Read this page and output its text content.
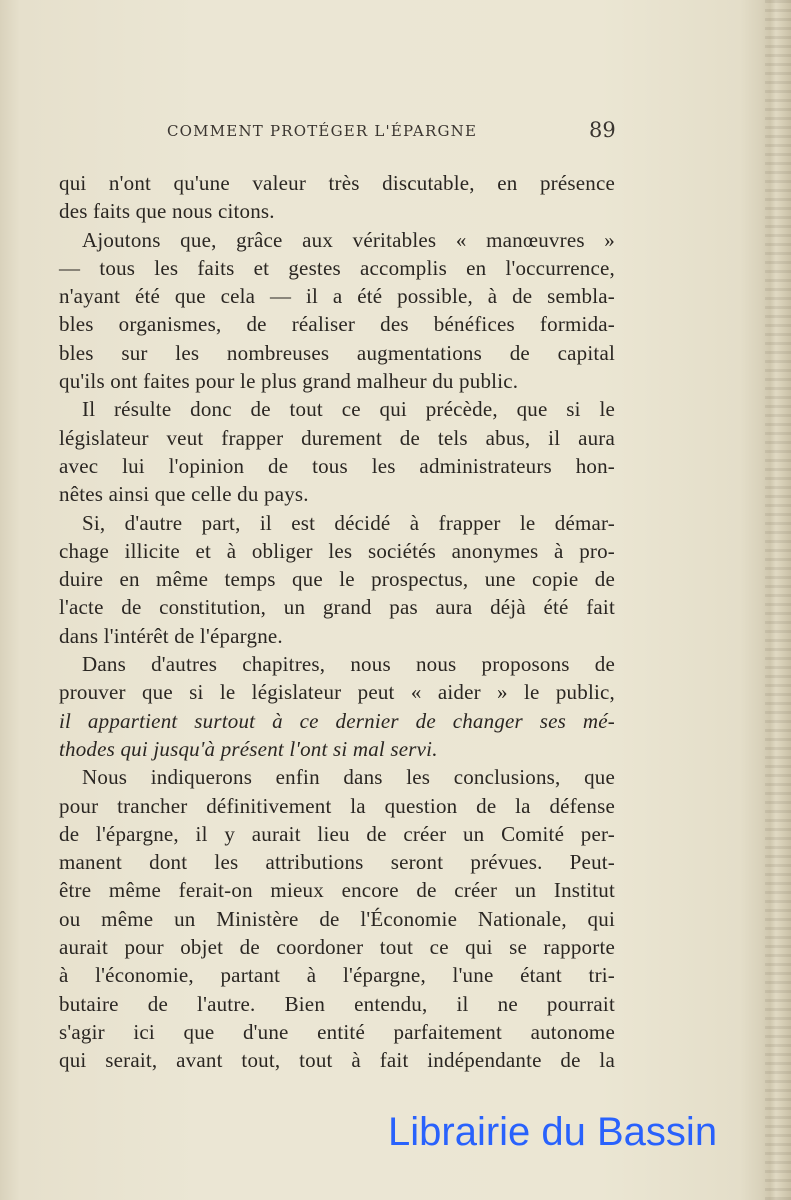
COMMENT PROTÉGER L'ÉPARGNE	89
qui n'ont qu'une valeur très discutable, en présence
des faits que nous citons.
Ajoutons que, grâce aux véritables « manœuvres »
— tous les faits et gestes accomplis en l'occurrence,
n'ayant été que cela — il a été possible, à de sembla-
bles organismes, de réaliser des bénéfices formida-
bles sur les nombreuses augmentations de capital
qu'ils ont faites pour le plus grand malheur du public.
Il résulte donc de tout ce qui précède, que si le
législateur veut frapper durement de tels abus, il aura
avec lui l'opinion de tous les administrateurs hon-
nêtes ainsi que celle du pays.
Si, d'autre part, il est décidé à frapper le démar-
chage illicite et à obliger les sociétés anonymes à pro-
duire en même temps que le prospectus, une copie de
l'acte de constitution, un grand pas aura déjà été fait
dans l'intérêt de l'épargne.
Dans d'autres chapitres, nous nous proposons de
prouver que si le législateur peut « aider » le public,
il appartient surtout à ce dernier de changer ses mé-
thodes qui jusqu'à présent l'ont si mal servi.
Nous indiquerons enfin dans les conclusions, que
pour trancher définitivement la question de la défense
de l'épargne, il y aurait lieu de créer un Comité per-
manent dont les attributions seront prévues. Peut-
être même ferait-on mieux encore de créer un Institut
ou même un Ministère de l'Économie Nationale, qui
aurait pour objet de coordoner tout ce qui se rapporte
à l'économie, partant à l'épargne, l'une étant tri-
butaire de l'autre. Bien entendu, il ne pourrait
s'agir ici que d'une entité parfaitement autonome
qui serait, avant tout, tout à fait indépendante de la
Librairie du Bassin
